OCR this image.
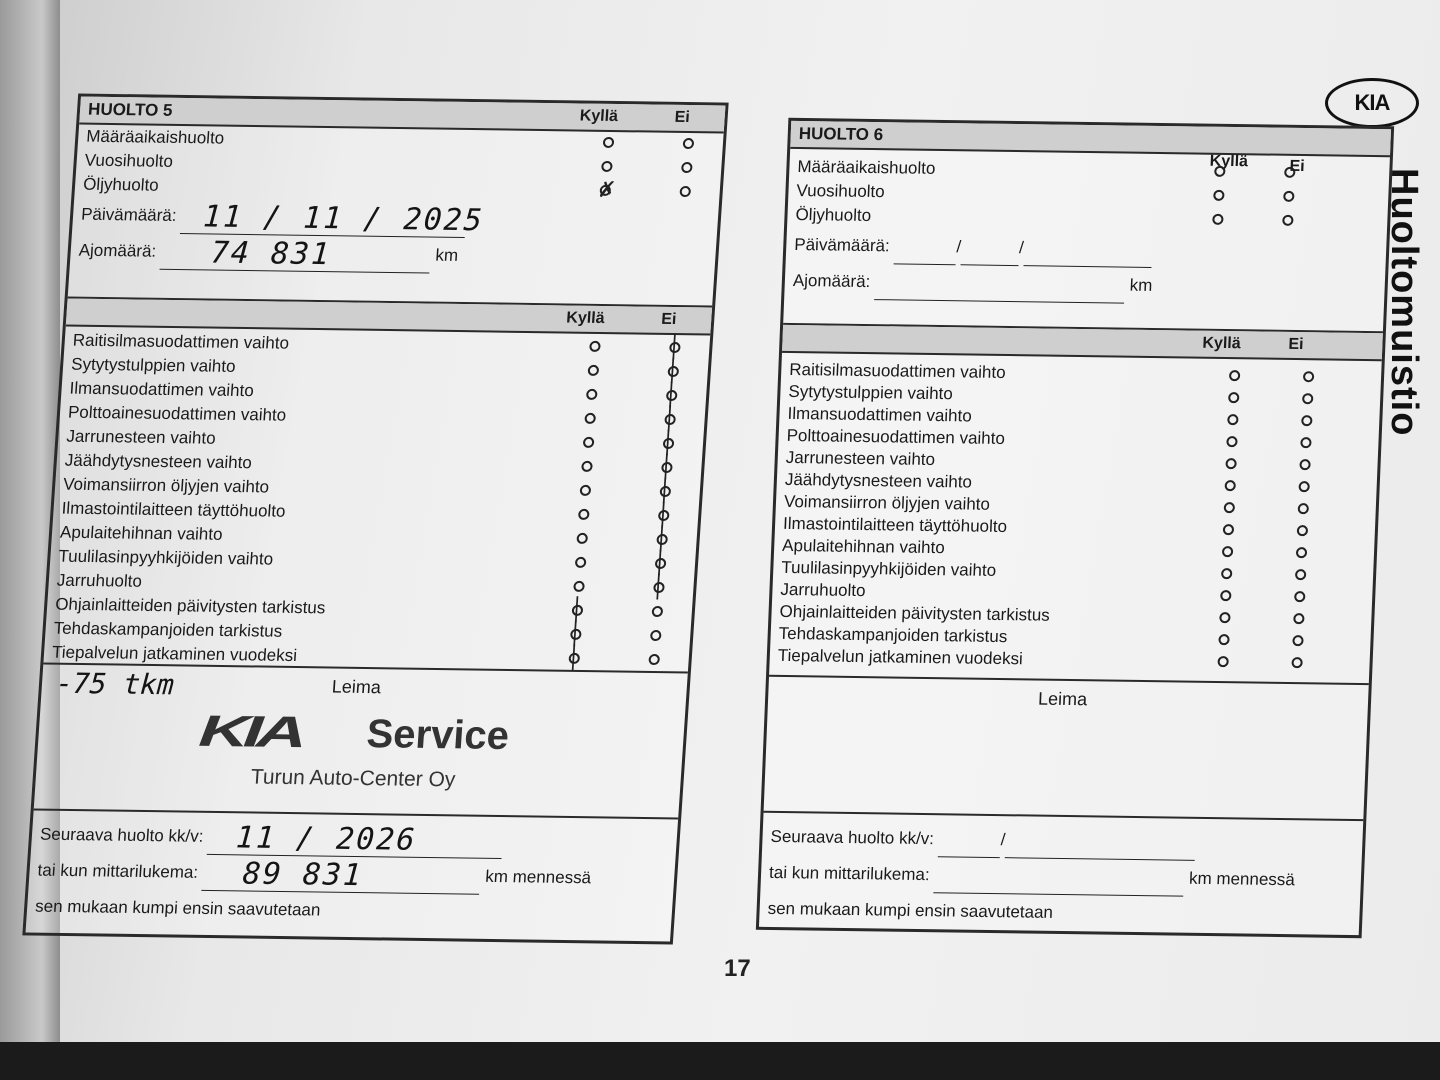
KIA
Huoltomuistio
HUOLTO 5	Kyllä	Ei
Määräaikaishuolto
Vuosihuolto
Öljyhuolto	✗
Päivämäärä: 11 / 11 / 2025
Ajomäärä: 74 831	km
Kyllä	Ei
Raitisilmasuodattimen vaihto	│
Sytytystulppien vaihto	│
Ilmansuodattimen vaihto	│
Polttoainesuodattimen vaihto	│
Jarrunesteen vaihto	│
Jäähdytysnesteen vaihto	│
Voimansiirron öljyjen vaihto	│
Ilmastointilaitteen täyttöhuolto	│
Apulaitehihnan vaihto	│
Tuulilasinpyyhkijöiden vaihto	│
Jarruhuolto	│
Ohjainlaitteiden päivitysten tarkistus	│
Tehdaskampanjoiden tarkistus	│
Tiepalvelun jatkaminen vuodeksi	│
-75 tkm	Leima
KIA	Service
Turun Auto-Center Oy
Seuraava huolto kk/v: 11 / 2026
tai kun mittarilukema: 89 831	km mennessä
sen mukaan kumpi ensin saavutetaan
HUOLTO 6
Kyllä	Ei
Määräaikaishuolto
Vuosihuolto
Öljyhuolto
Päivämäärä:	/	/
Ajomäärä:	km
Kyllä	Ei
Raitisilmasuodattimen vaihto
Sytytystulppien vaihto
Ilmansuodattimen vaihto
Polttoainesuodattimen vaihto
Jarrunesteen vaihto
Jäähdytysnesteen vaihto
Voimansiirron öljyjen vaihto
Ilmastointilaitteen täyttöhuolto
Apulaitehihnan vaihto
Tuulilasinpyyhkijöiden vaihto
Jarruhuolto
Ohjainlaitteiden päivitysten tarkistus
Tehdaskampanjoiden tarkistus
Tiepalvelun jatkaminen vuodeksi
Leima
Seuraava huolto kk/v:	/
tai kun mittarilukema:	km mennessä
sen mukaan kumpi ensin saavutetaan
17
